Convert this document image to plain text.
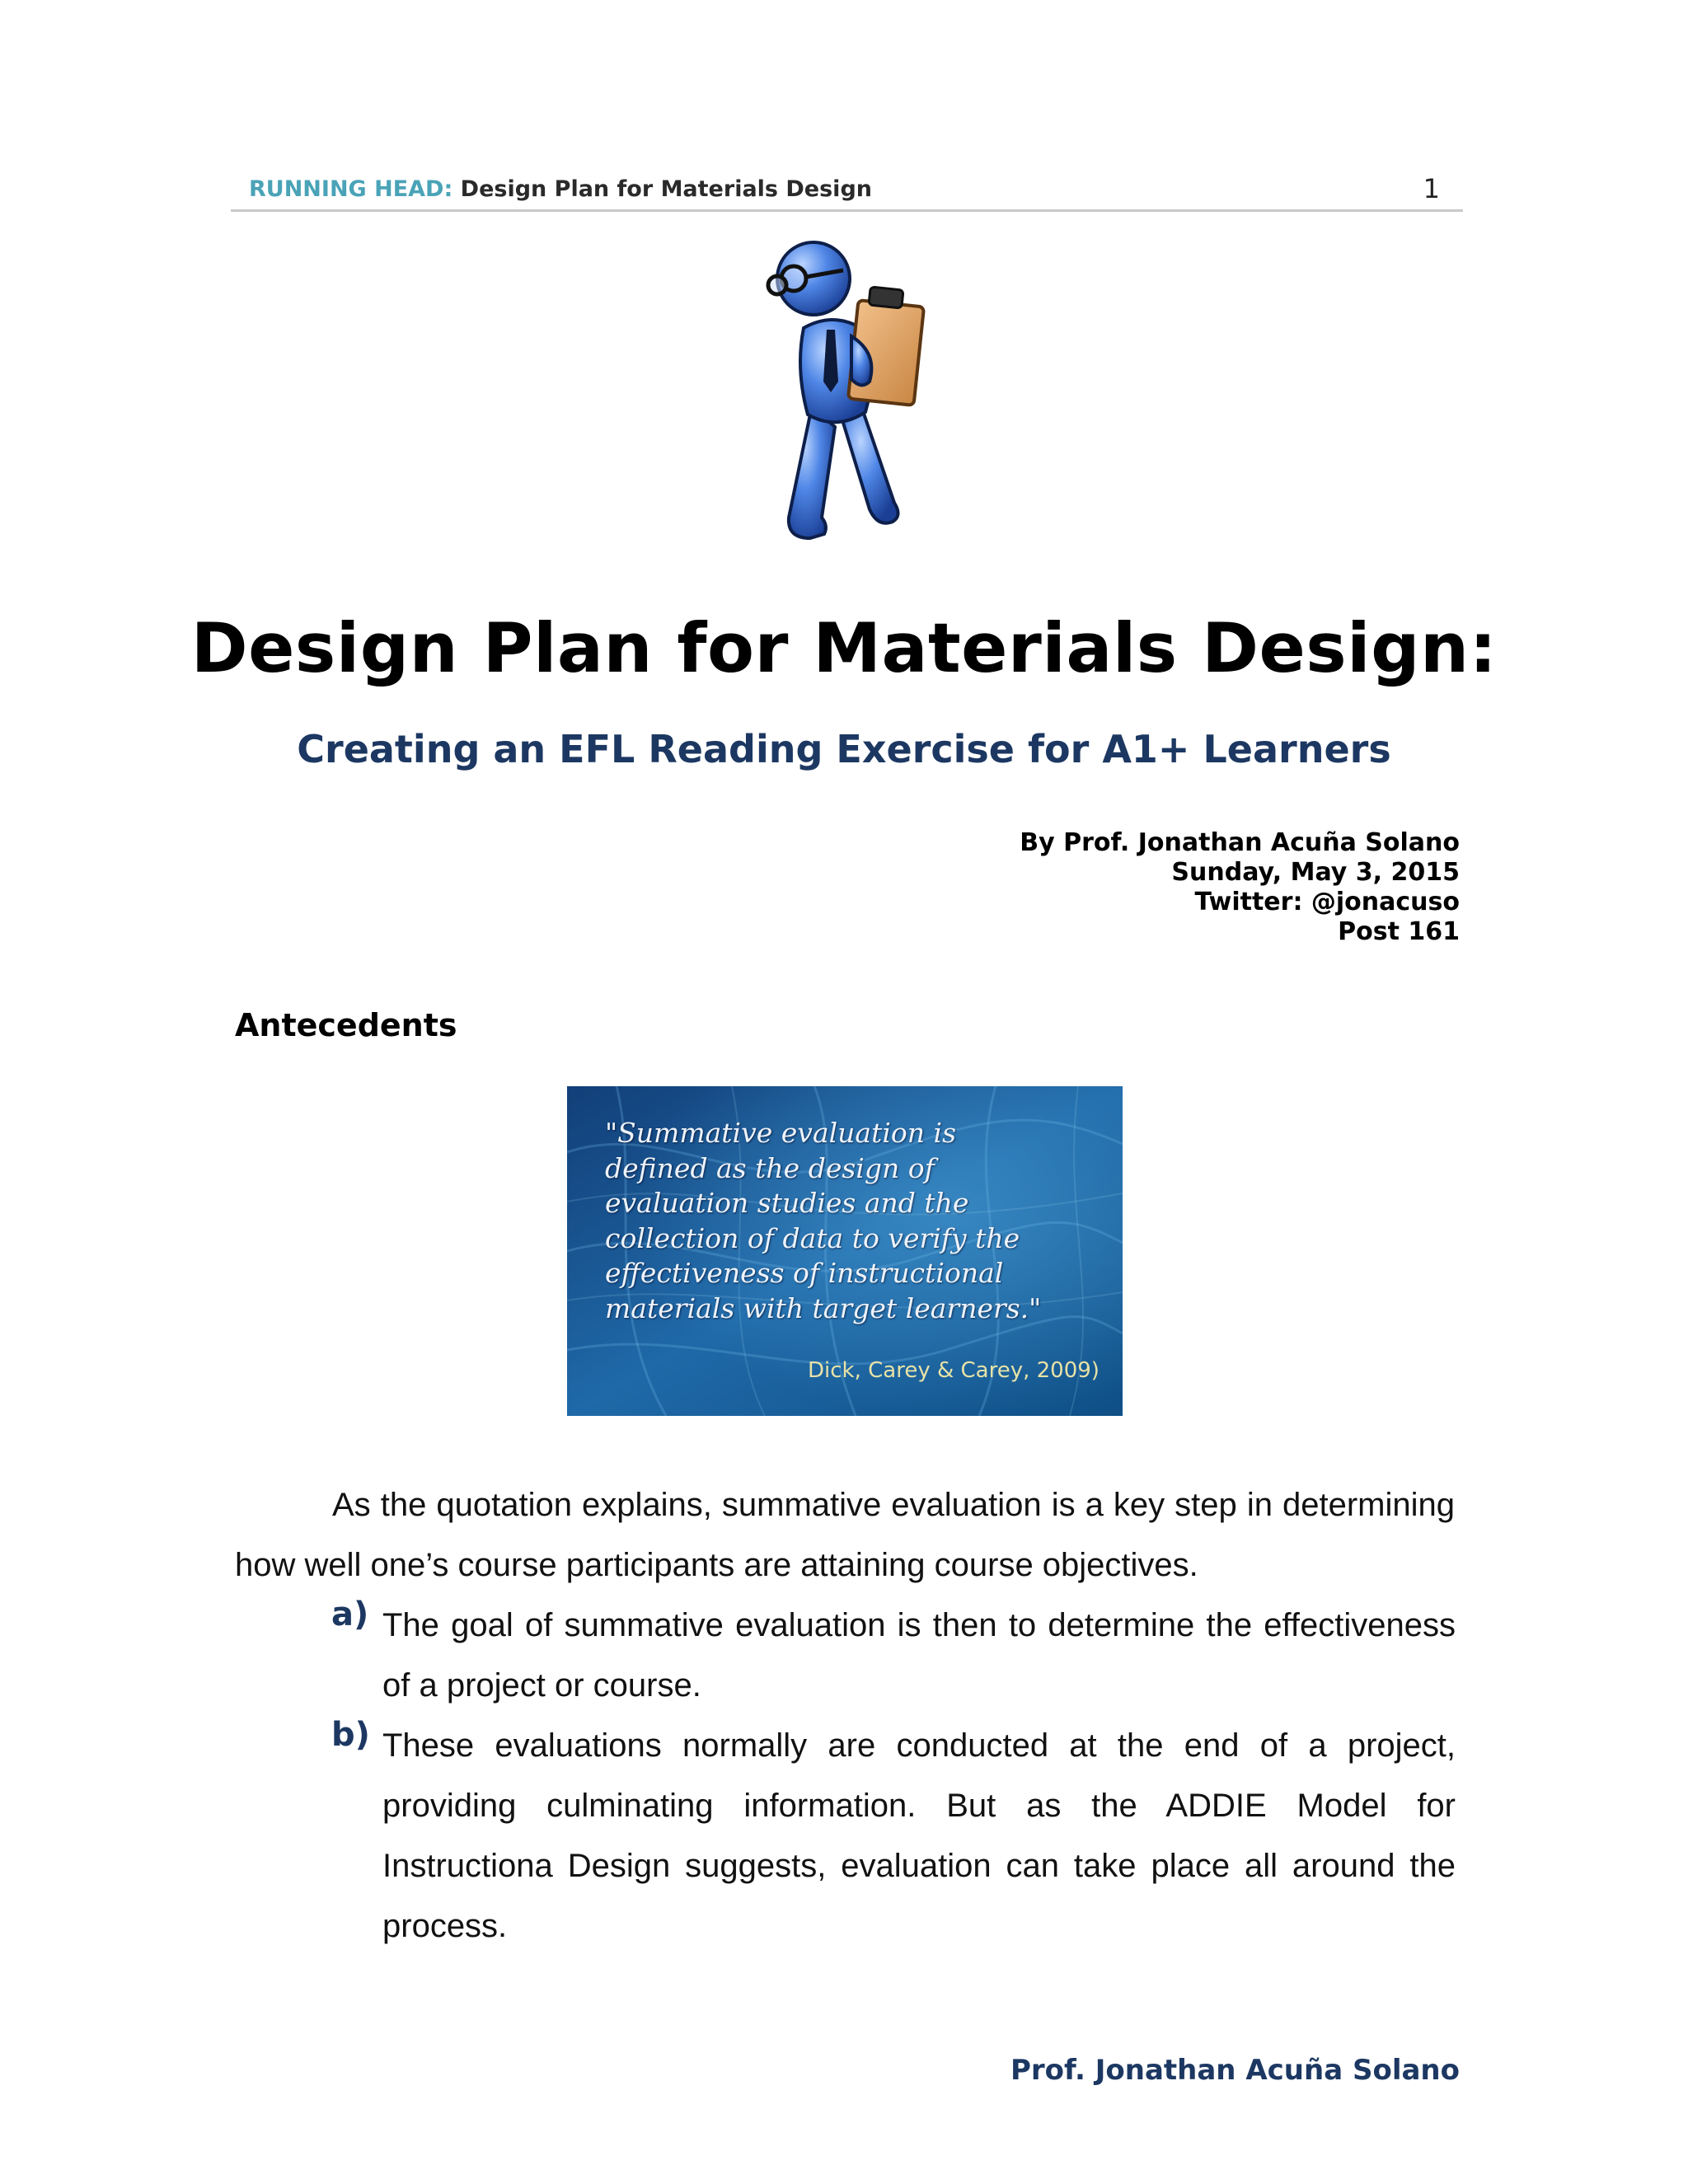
RUNNING HEAD: Design Plan for Materials Design	1
Design Plan for Materials Design:
Creating an EFL Reading Exercise for A1+ Learners
By Prof. Jonathan Acuña Solano
Sunday, May 3, 2015
Twitter: @jonacuso
Post 161
Antecedents
"Summative evaluation is
defined as the design of
evaluation studies and the
collection of data to verify the
effectiveness of instructional
materials with target learners."
Dick, Carey & Carey, 2009)
As the quotation explains, summative evaluation is a key step in determining how well one’s course participants are attaining course objectives.
a) The goal of summative evaluation is then to determine the effectiveness of a project or course.
b) These evaluations normally are conducted at the end of a project, providing culminating information. But as the ADDIE Model for Instructiona Design suggests, evaluation can take place all around the process.
Prof. Jonathan Acuña Solano
